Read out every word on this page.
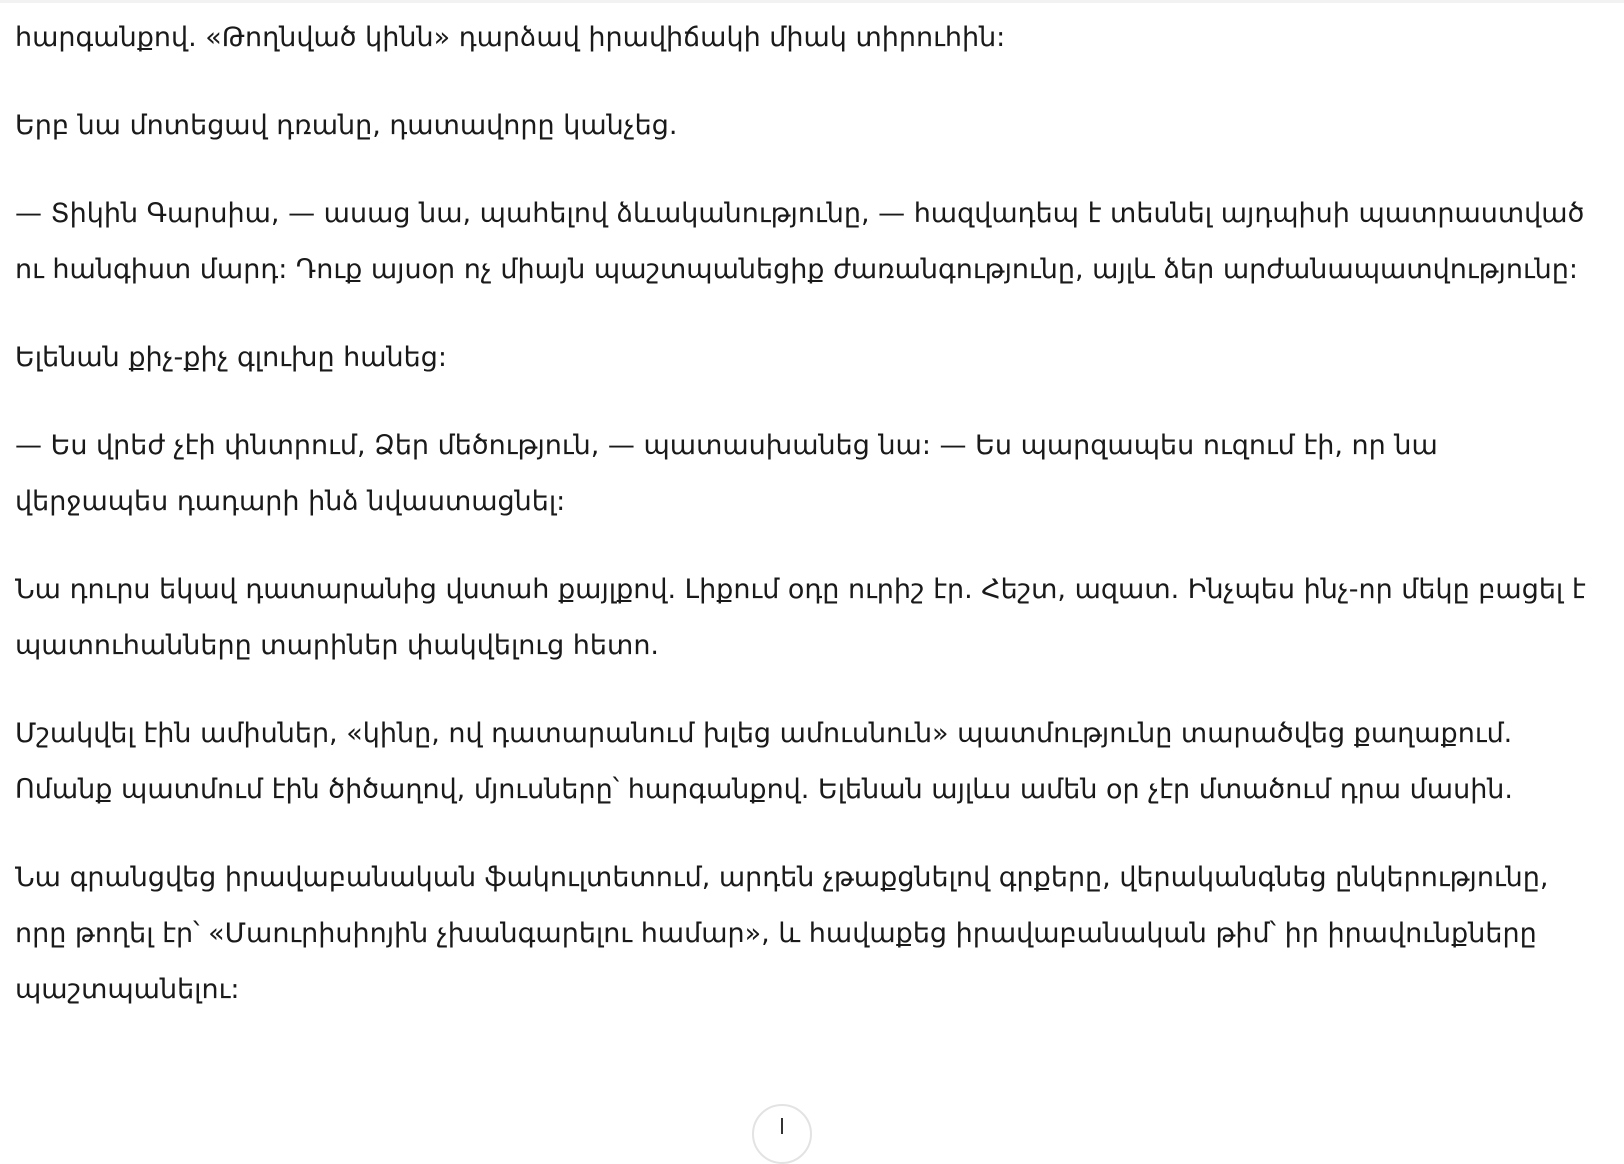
հարգանքով. «Թողնված կինն» դարձավ իրավիճակի միակ տիրուհին:

Երբ նա մոտեցավ դռանը, դատավորը կանչեց.

— Տիկին Գարսիա, — ասաց նա, պահելով ձևականությունը, — հազվադեպ է տեսնել այդպիսի պատրաստված ու հանգիստ մարդ: Դուք այսօր ոչ միայն պաշտպանեցիք ժառանգությունը, այլև ձեր արժանապատվությունը:

Ելենան քիչ-քիչ գլուխը հանեց:

— Ես վրեժ չէի փնտրում, Ձեր մեծություն, — պատասխանեց նա: — Ես պարզապես ուզում էի, որ նա վերջապես դադարի ինձ նվաստացնել:

Նա դուրս եկավ դատարանից վստահ քայլքով. Լիքում օդը ուրիշ էր. Հեշտ, ազատ. Ինչպես ինչ-որ մեկը բացել է պատուհանները տարիներ փակվելուց հետո.

Մշակվել էին ամիսներ, «կինը, ով դատարանում խլեց ամուսնուն» պատմությունը տարածվեց քաղաքում. Ոմանք պատմում էին ծիծաղով, մյուսները՝ հարգանքով. Ելենան այլևս ամեն օր չէր մտածում դրա մասին.

Նա գրանցվեց իրավաբանական ֆակուլտետում, արդեն չթաքցնելով գրքերը, վերականգնեց ընկերությունը, որը թողել էր՝ «Մաուրիսիոյին չխանգարելու համար», և հավաքեց իրավաբանական թիմ՝ իր իրավունքները պաշտպանելու:
